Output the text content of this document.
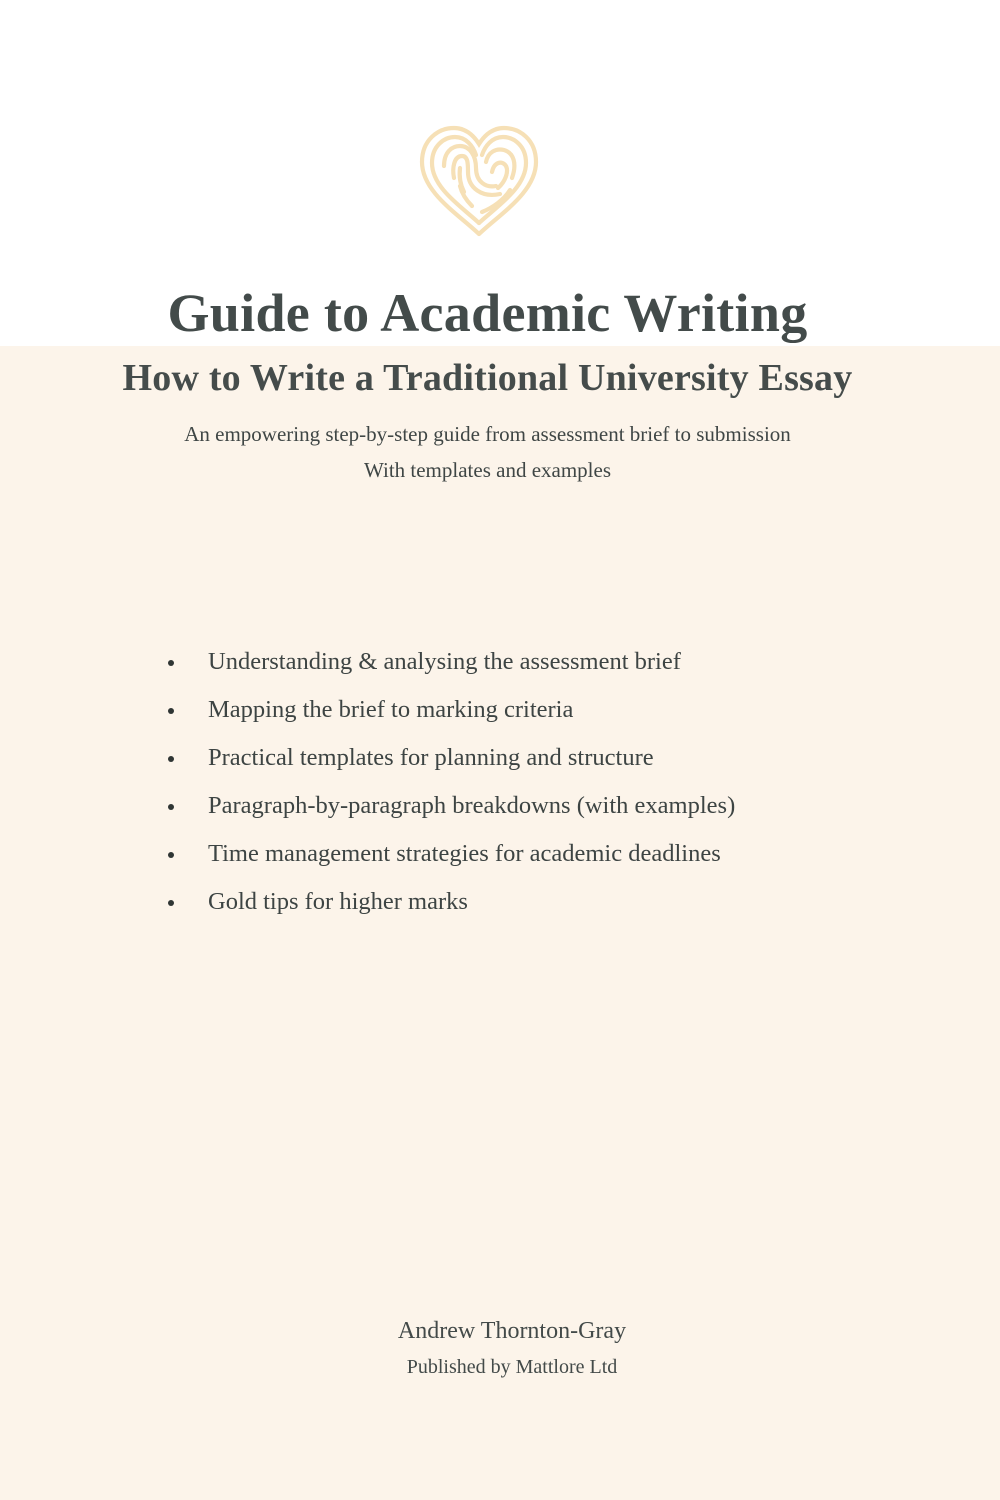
Guide to Academic Writing
How to Write a Traditional University Essay

An empowering step-by-step guide from assessment brief to submission

With templates and examples

Understanding & analysing the assessment brief
Mapping the brief to marking criteria
Practical templates for planning and structure
Paragraph-by-paragraph breakdowns (with examples)
Time management strategies for academic deadlines
Gold tips for higher marks

Andrew Thornton-Gray

Published by Mattlore Ltd
